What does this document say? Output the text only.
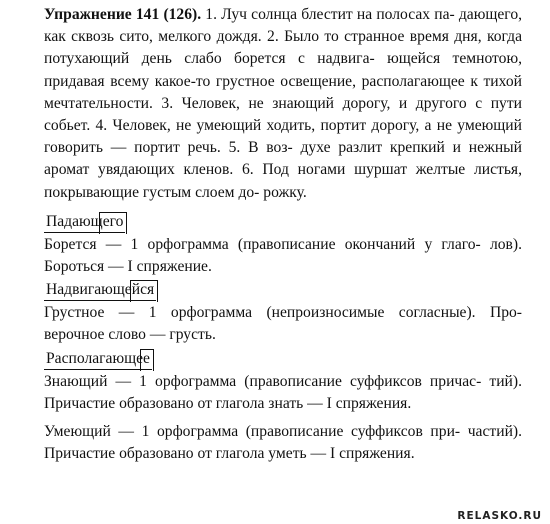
Упражнение 141 (126). 1. Луч солнца блестит на полосах па- дающего, как сквозь сито, мелкого дождя. 2. Было то странное время дня, когда потухающий день слабо борется с надвига- ющейся темнотою, придавая всему какое-то грустное освещение, располагающее к тихой мечтательности. 3. Человек, не знающий дорогу, и другого с пути собьет. 4. Человек, не умеющий ходить, портит дорогу, а не умеющий говорить — портит речь. 5. В воз- духе разлит крепкий и нежный аромат увядающих кленов. 6. Под ногами шуршат желтые листья, покрывающие густым слоем до- рожку.

Падающего

Борется — 1 орфограмма (правописание окончаний у глаго- лов). Бороться — I спряжение.

Надвигающейся

Грустное — 1 орфограмма (непроизносимые согласные). Про- верочное слово — грусть.

Располагающее

Знающий — 1 орфограмма (правописание суффиксов причас- тий). Причастие образовано от глагола знать — I спряжения.

Умеющий — 1 орфограмма (правописание суффиксов при- частий). Причастие образовано от глагола уметь — I спряжения.

RELASKO.RU
